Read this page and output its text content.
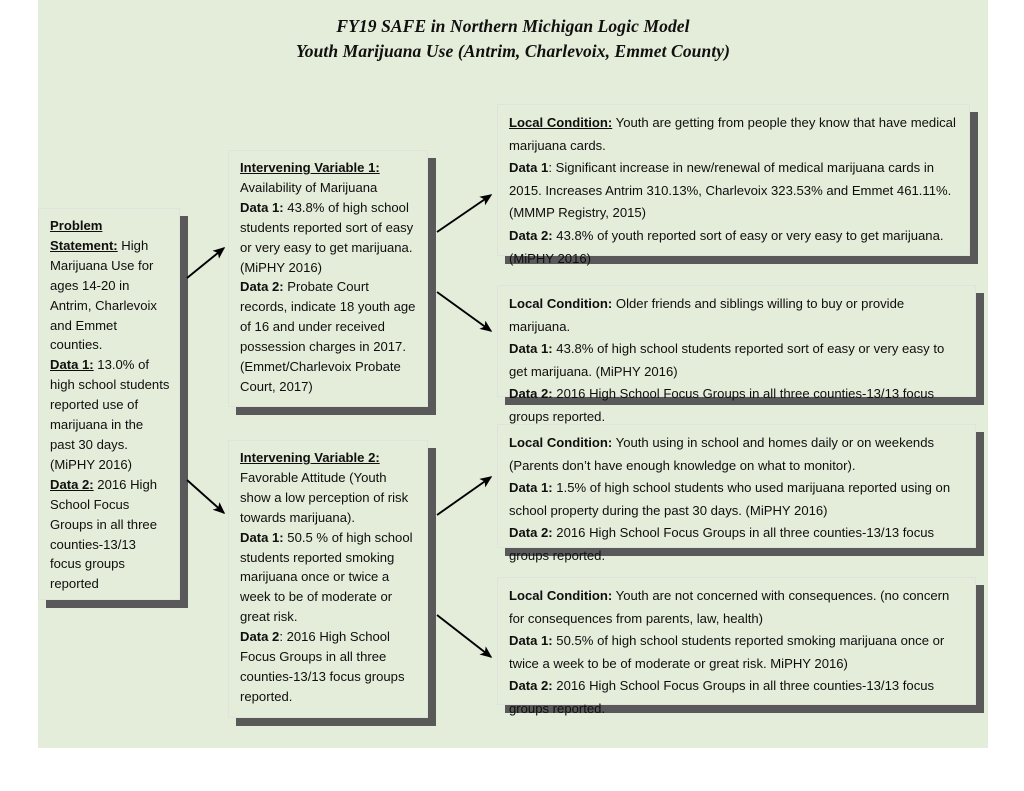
FY19 SAFE in Northern Michigan Logic Model
Youth Marijuana Use (Antrim, Charlevoix, Emmet County)

Problem Statement: High Marijuana Use for ages 14-20 in Antrim, Charlevoix and Emmet counties.

Data 1: 13.0% of high school students reported use of marijuana in the past 30 days. (MiPHY 2016)

Data 2: 2016 High School Focus Groups in all three counties-13/13 focus groups reported

Intervening Variable 1:

Availability of Marijuana

Data 1: 43.8% of high school students reported sort of easy or very easy to get marijuana. (MiPHY 2016)

Data 2: Probate Court records, indicate 18 youth age of 16 and under received possession charges in 2017. (Emmet/Charlevoix Probate Court, 2017)

Intervening Variable 2:

Favorable Attitude (Youth show a low perception of risk towards marijuana).

Data 1: 50.5 % of high school students reported smoking marijuana once or twice a week to be of moderate or great risk.

Data 2: 2016 High School Focus Groups in all three counties-13/13 focus groups reported.

Local Condition: Youth are getting from people they know that have medical marijuana cards.

Data 1: Significant increase in new/renewal of medical marijuana cards in 2015. Increases Antrim 310.13%, Charlevoix 323.53% and Emmet 461.11%. (MMMP Registry, 2015)

Data 2: 43.8% of youth reported sort of easy or very easy to get marijuana. (MiPHY 2016)

Local Condition: Older friends and siblings willing to buy or provide marijuana.

Data 1: 43.8% of high school students reported sort of easy or very easy to get marijuana. (MiPHY 2016)

Data 2: 2016 High School Focus Groups in all three counties-13/13 focus groups reported.

Local Condition: Youth using in school and homes daily or on weekends (Parents don’t have enough knowledge on what to monitor).

Data 1: 1.5% of high school students who used marijuana reported using on school property during the past 30 days. (MiPHY 2016)

Data 2: 2016 High School Focus Groups in all three counties-13/13 focus groups reported.

Local Condition: Youth are not concerned with consequences. (no concern for consequences from parents, law, health)

Data 1: 50.5% of high school students reported smoking marijuana once or twice a week to be of moderate or great risk. MiPHY 2016)

Data 2: 2016 High School Focus Groups in all three counties-13/13 focus groups reported.
